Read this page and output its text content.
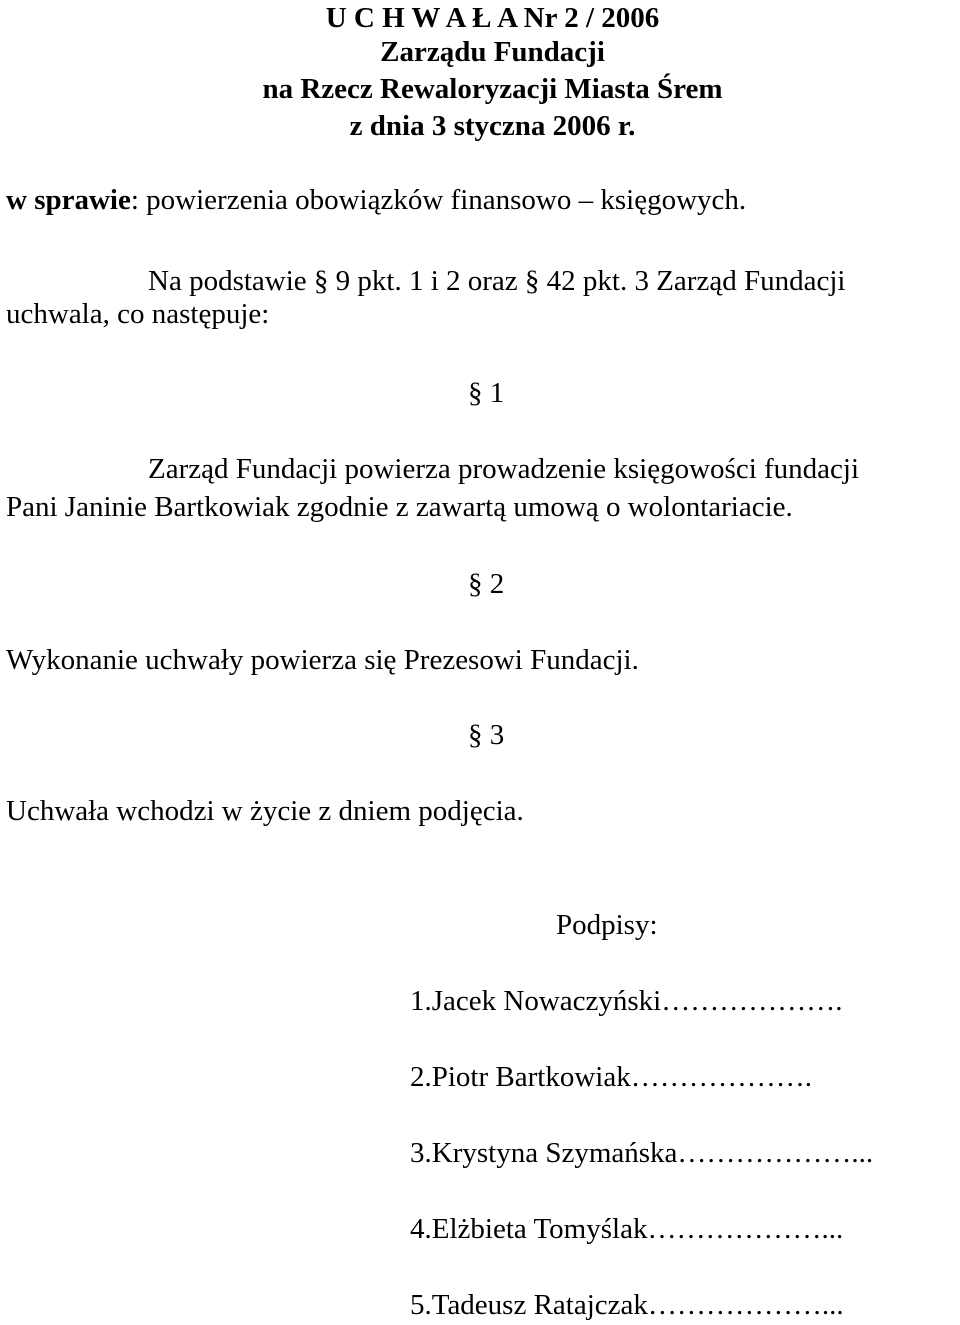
U C H W A Ł A Nr 2 / 2006
Zarządu Fundacji
na Rzecz Rewaloryzacji Miasta Śrem
z dnia 3 styczna 2006 r.
w sprawie: powierzenia obowiązków finansowo – księgowych.
Na podstawie § 9 pkt. 1 i 2 oraz § 42 pkt. 3 Zarząd Fundacji
uchwala, co następuje:
§ 1
Zarząd Fundacji powierza prowadzenie księgowości fundacji
Pani Janinie Bartkowiak zgodnie z zawartą umową o wolontariacie.
§ 2
Wykonanie uchwały powierza się Prezesowi Fundacji.
§ 3
Uchwała wchodzi w życie z dniem podjęcia.
Podpisy:
1.Jacek Nowaczyński……………….
2.Piotr Bartkowiak……………….
3.Krystyna Szymańska………………...
4.Elżbieta Tomyślak………………...
5.Tadeusz Ratajczak………………...
